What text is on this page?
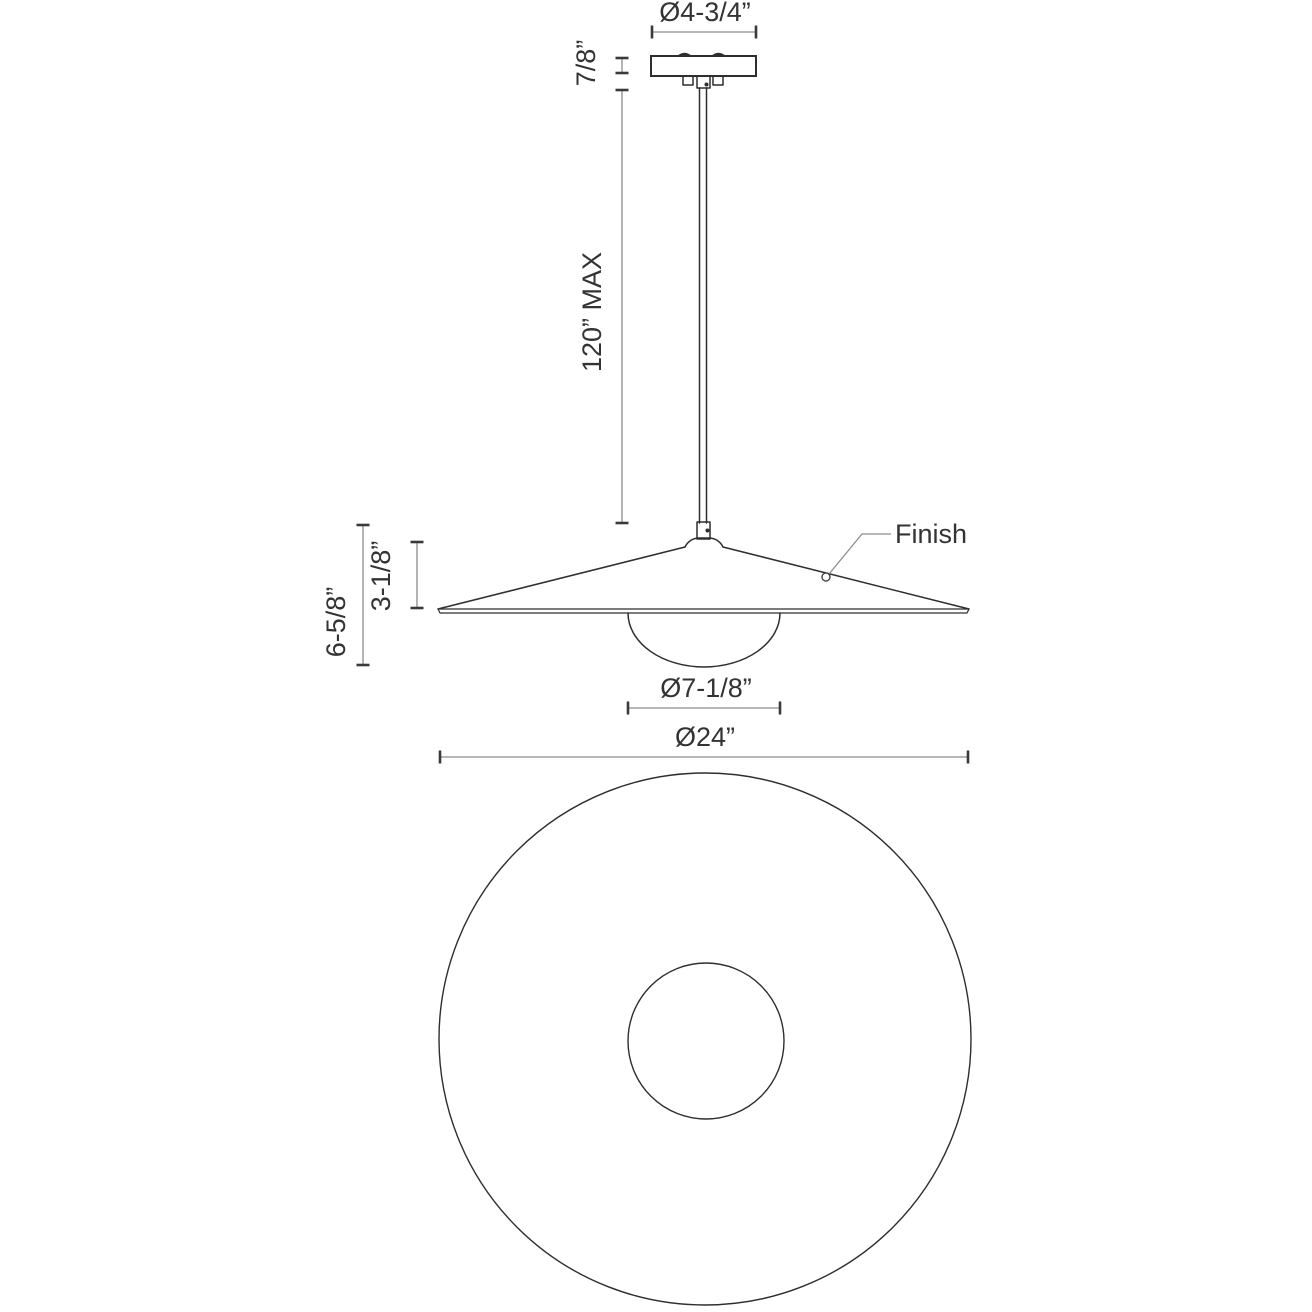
Finish
Ø4-3/4”
7/8”
120” MAX
6-5/8”
3-1/8”
Ø7-1/8”
Ø24”
